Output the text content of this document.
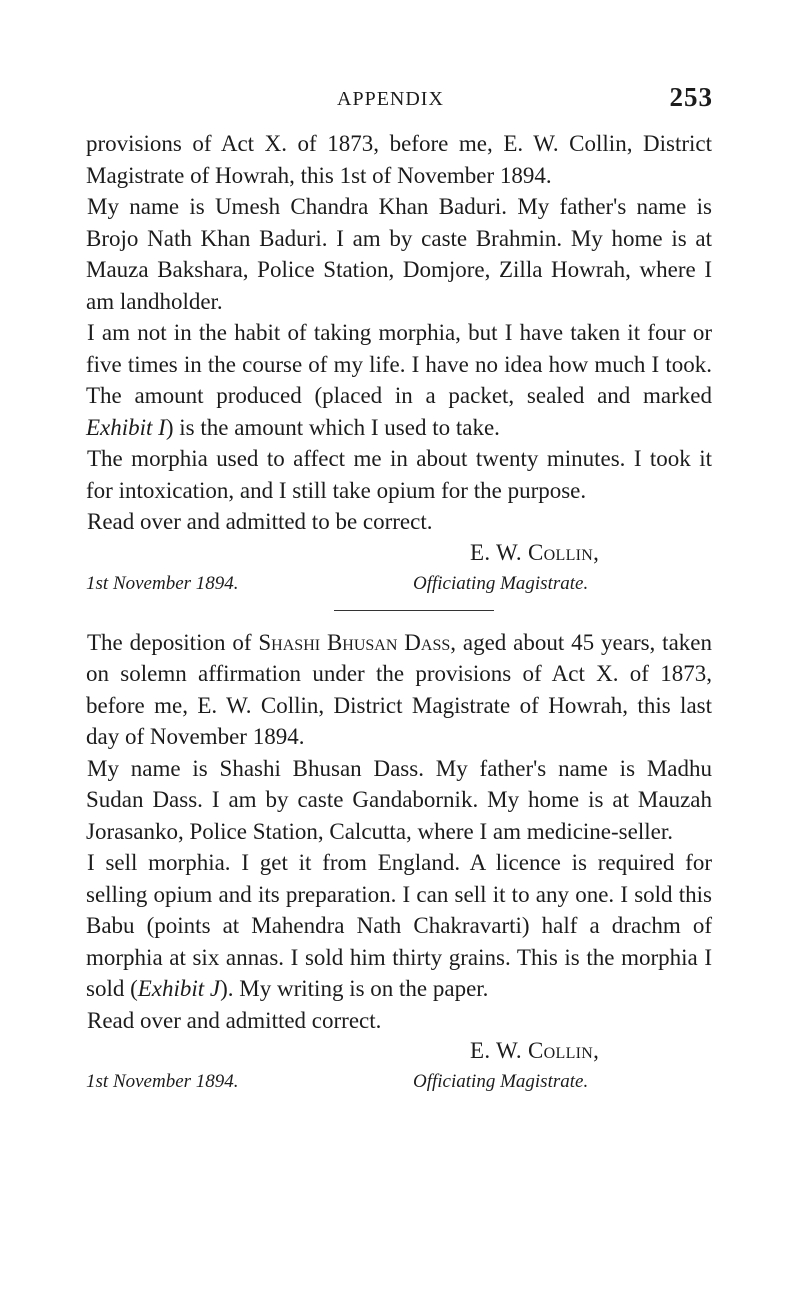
APPENDIX	253

provisions of Act X. of 1873, before me, E. W. Collin, District Magistrate of Howrah, this 1st of November 1894.

My name is Umesh Chandra Khan Baduri. My father's name is Brojo Nath Khan Baduri. I am by caste Brahmin. My home is at Mauza Bakshara, Police Station, Domjore, Zilla Howrah, where I am landholder.

I am not in the habit of taking morphia, but I have taken it four or five times in the course of my life. I have no idea how much I took. The amount produced (placed in a packet, sealed and marked Exhibit I) is the amount which I used to take.

The morphia used to affect me in about twenty minutes. I took it for intoxication, and I still take opium for the purpose.

Read over and admitted to be correct.

E. W. Collin,

1st November 1894.	Officiating Magistrate.

The deposition of Shashi Bhusan Dass, aged about 45 years, taken on solemn affirmation under the provisions of Act X. of 1873, before me, E. W. Collin, District Magistrate of Howrah, this last day of November 1894.

My name is Shashi Bhusan Dass. My father's name is Madhu Sudan Dass. I am by caste Gandabornik. My home is at Mauzah Jorasanko, Police Station, Calcutta, where I am medicine-seller.

I sell morphia. I get it from England. A licence is required for selling opium and its preparation. I can sell it to any one. I sold this Babu (points at Mahendra Nath Chakravarti) half a drachm of morphia at six annas. I sold him thirty grains. This is the morphia I sold (Exhibit J). My writing is on the paper.

Read over and admitted correct.

E. W. Collin,

1st November 1894.	Officiating Magistrate.
